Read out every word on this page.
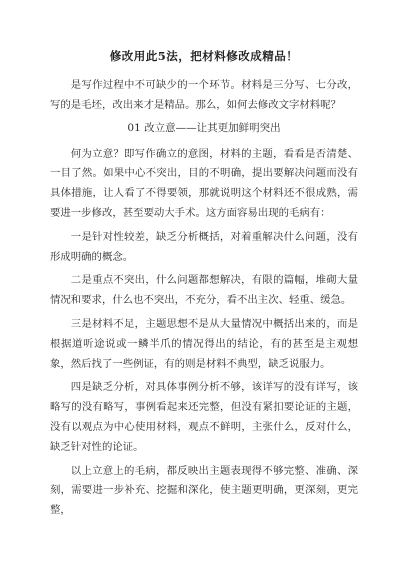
修改用此5法，把材料修改成精品！

是写作过程中不可缺少的一个环节。材料是三分写、七分改，写的是毛坯，改出来才是精品。那么，如何去修改文字材料呢？

01 改立意——让其更加鲜明突出

何为立意？即写作确立的意图，材料的主题，看看是否清楚、一目了然。如果中心不突出，目的不明确，提出要解决问题而没有具体措施，让人看了不得要领，那就说明这个材料还不很成熟，需要进一步修改，甚至要动大手术。这方面容易出现的毛病有：

一是针对性较差，缺乏分析概括，对着重解决什么问题，没有形成明确的概念。

二是重点不突出，什么问题都想解决，有限的篇幅，堆砌大量情况和要求，什么也不突出，不充分，看不出主次、轻重、缓急。

三是材料不足，主题思想不是从大量情况中概括出来的，而是根据道听途说或一鳞半爪的情况得出的结论，有的甚至是主观想象，然后找了一些例证，有的则是材料不典型，缺乏说服力。

四是缺乏分析，对具体事例分析不够，该详写的没有详写，该略写的没有略写，事例看起来还完整，但没有紧扣要论证的主题，没有以观点为中心使用材料，观点不鲜明，主张什么，反对什么，缺乏针对性的论证。

以上立意上的毛病，都反映出主题表现得不够完整、准确、深刻，需要进一步补充、挖掘和深化，使主题更明确，更深刻，更完整，
